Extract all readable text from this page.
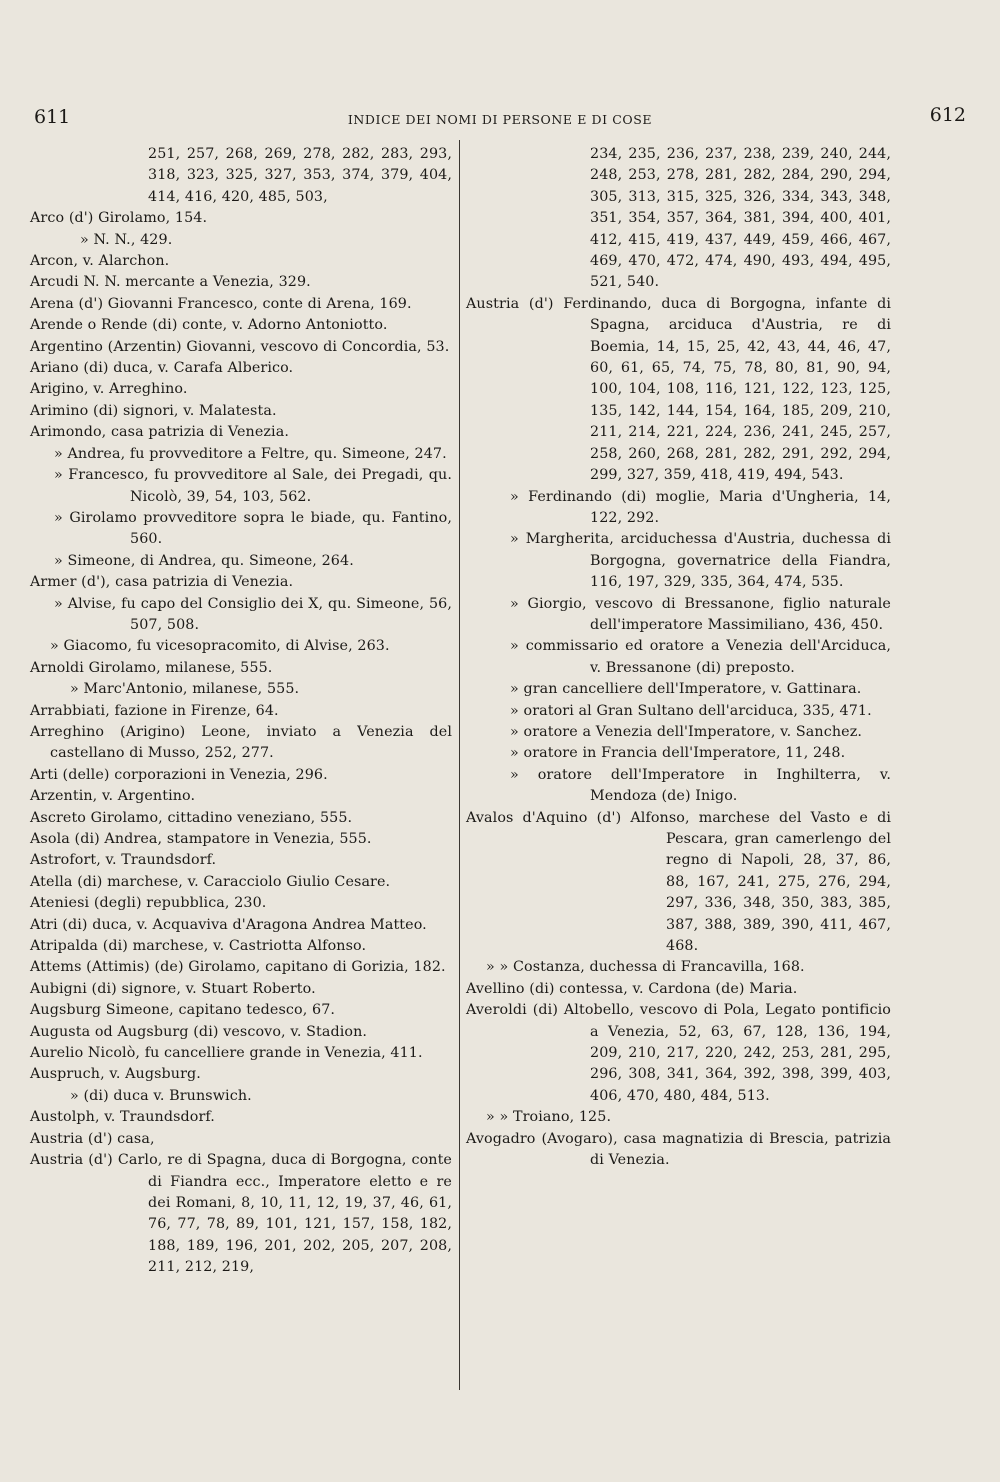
611	INDICE DEI NOMI DI PERSONE E DI COSE	612

251, 257, 268, 269, 278, 282, 283, 293, 318, 323, 325, 327, 353, 374, 379, 404, 414, 416, 420, 485, 503,

Arco (d') Girolamo, 154.

» N. N., 429.

Arcon, v. Alarchon.

Arcudi N. N. mercante a Venezia, 329.

Arena (d') Giovanni Francesco, conte di Arena, 169.

Arende o Rende (di) conte, v. Adorno Antoniotto.

Argentino (Arzentin) Giovanni, vescovo di Concordia, 53.

Ariano (di) duca, v. Carafa Alberico.

Arigino, v. Arreghino.

Arimino (di) signori, v. Malatesta.

Arimondo, casa patrizia di Venezia.

» Andrea, fu provveditore a Feltre, qu. Simeone, 247.

» Francesco, fu provveditore al Sale, dei Pregadi, qu. Nicolò, 39, 54, 103, 562.

» Girolamo provveditore sopra le biade, qu. Fantino, 560.

» Simeone, di Andrea, qu. Simeone, 264.

Armer (d'), casa patrizia di Venezia.

» Alvise, fu capo del Consiglio dei X, qu. Simeone, 56, 507, 508.

» Giacomo, fu vicesopracomito, di Alvise, 263.

Arnoldi Girolamo, milanese, 555.

» Marc'Antonio, milanese, 555.

Arrabbiati, fazione in Firenze, 64.

Arreghino (Arigino) Leone, inviato a Venezia del castellano di Musso, 252, 277.

Arti (delle) corporazioni in Venezia, 296.

Arzentin, v. Argentino.

Ascreto Girolamo, cittadino veneziano, 555.

Asola (di) Andrea, stampatore in Venezia, 555.

Astrofort, v. Traundsdorf.

Atella (di) marchese, v. Caracciolo Giulio Cesare.

Ateniesi (degli) repubblica, 230.

Atri (di) duca, v. Acquaviva d'Aragona Andrea Matteo.

Atripalda (di) marchese, v. Castriotta Alfonso.

Attems (Attimis) (de) Girolamo, capitano di Gorizia, 182.

Aubigni (di) signore, v. Stuart Roberto.

Augsburg Simeone, capitano tedesco, 67.

Augusta od Augsburg (di) vescovo, v. Stadion.

Aurelio Nicolò, fu cancelliere grande in Venezia, 411.

Auspruch, v. Augsburg.

» (di) duca v. Brunswich.

Austolph, v. Traundsdorf.

Austria (d') casa,

Austria (d') Carlo, re di Spagna, duca di Borgogna, conte di Fiandra ecc., Imperatore eletto e re dei Romani, 8, 10, 11, 12, 19, 37, 46, 61, 76, 77, 78, 89, 101, 121, 157, 158, 182, 188, 189, 196, 201, 202, 205, 207, 208, 211, 212, 219,

234, 235, 236, 237, 238, 239, 240, 244, 248, 253, 278, 281, 282, 284, 290, 294, 305, 313, 315, 325, 326, 334, 343, 348, 351, 354, 357, 364, 381, 394, 400, 401, 412, 415, 419, 437, 449, 459, 466, 467, 469, 470, 472, 474, 490, 493, 494, 495, 521, 540.

Austria (d') Ferdinando, duca di Borgogna, infante di Spagna, arciduca d'Austria, re di Boemia, 14, 15, 25, 42, 43, 44, 46, 47, 60, 61, 65, 74, 75, 78, 80, 81, 90, 94, 100, 104, 108, 116, 121, 122, 123, 125, 135, 142, 144, 154, 164, 185, 209, 210, 211, 214, 221, 224, 236, 241, 245, 257, 258, 260, 268, 281, 282, 291, 292, 294, 299, 327, 359, 418, 419, 494, 543.

» Ferdinando (di) moglie, Maria d'Ungheria, 14, 122, 292.

» Margherita, arciduchessa d'Austria, duchessa di Borgogna, governatrice della Fiandra, 116, 197, 329, 335, 364, 474, 535.

» Giorgio, vescovo di Bressanone, figlio naturale dell'imperatore Massimiliano, 436, 450.

» commissario ed oratore a Venezia dell'Arciduca, v. Bressanone (di) preposto.

» gran cancelliere dell'Imperatore, v. Gattinara.

» oratori al Gran Sultano dell'arciduca, 335, 471.

» oratore a Venezia dell'Imperatore, v. Sanchez.

» oratore in Francia dell'Imperatore, 11, 248.

» oratore dell'Imperatore in Inghilterra, v. Mendoza (de) Inigo.

Avalos d'Aquino (d') Alfonso, marchese del Vasto e di Pescara, gran camerlengo del regno di Napoli, 28, 37, 86, 88, 167, 241, 275, 276, 294, 297, 336, 348, 350, 383, 385, 387, 388, 389, 390, 411, 467, 468.

» » Costanza, duchessa di Francavilla, 168.

Avellino (di) contessa, v. Cardona (de) Maria.

Averoldi (di) Altobello, vescovo di Pola, Legato pontificio a Venezia, 52, 63, 67, 128, 136, 194, 209, 210, 217, 220, 242, 253, 281, 295, 296, 308, 341, 364, 392, 398, 399, 403, 406, 470, 480, 484, 513.

» » Troiano, 125.

Avogadro (Avogaro), casa magnatizia di Brescia, patrizia di Venezia.
